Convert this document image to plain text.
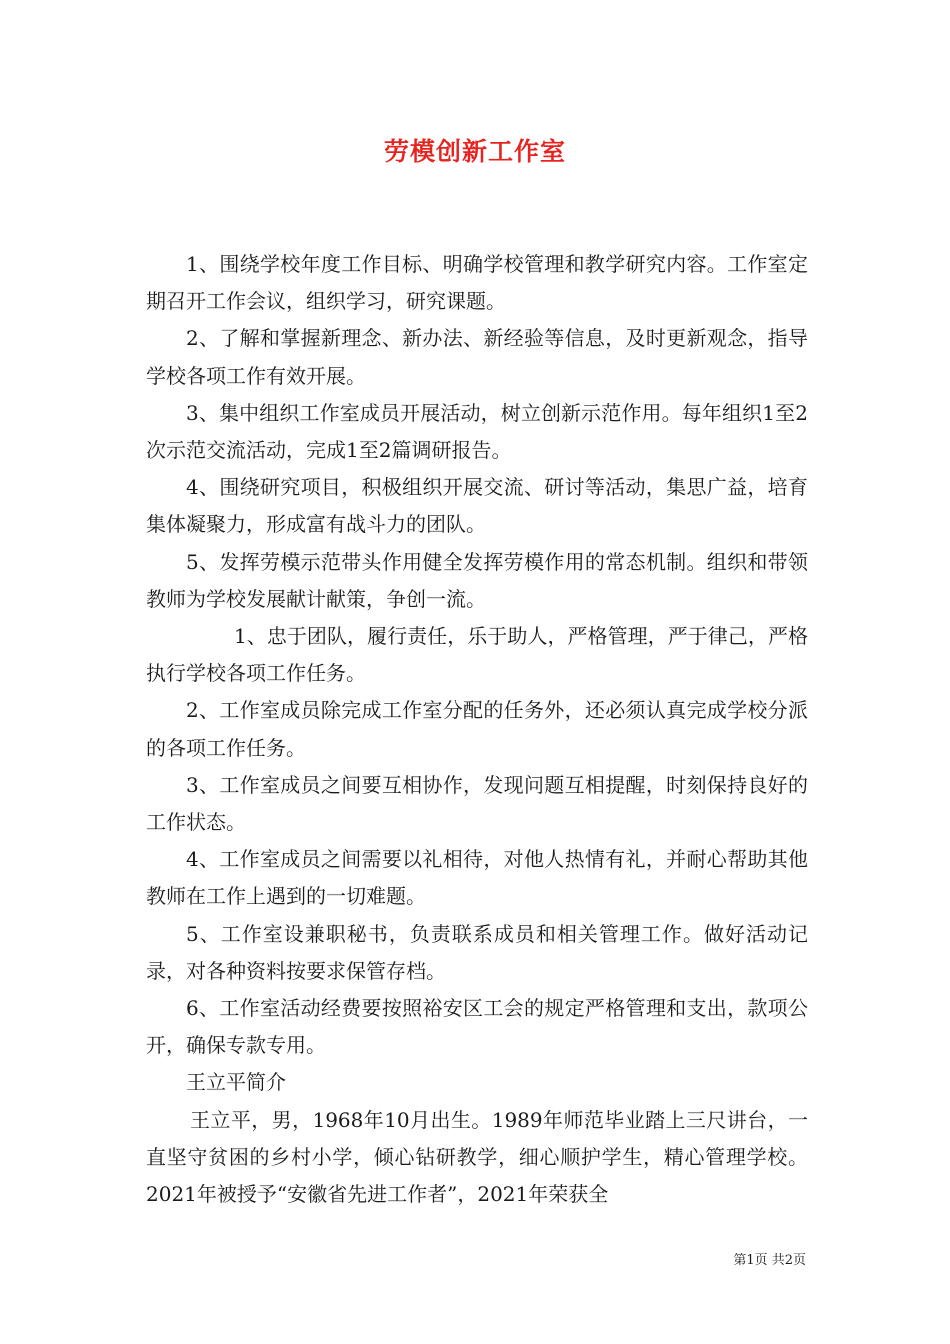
劳模创新工作室

1、围绕学校年度工作目标、明确学校管理和教学研究内容。工作室定期召开工作会议，组织学习，研究课题。

2、了解和掌握新理念、新办法、新经验等信息，及时更新观念，指导学校各项工作有效开展。

3、集中组织工作室成员开展活动，树立创新示范作用。每年组织1至2次示范交流活动，完成1至2篇调研报告。

4、围绕研究项目，积极组织开展交流、研讨等活动，集思广益，培育集体凝聚力，形成富有战斗力的团队。

5、发挥劳模示范带头作用健全发挥劳模作用的常态机制。组织和带领教师为学校发展献计献策，争创一流。

1、忠于团队，履行责任，乐于助人，严格管理，严于律己，严格执行学校各项工作任务。

2、工作室成员除完成工作室分配的任务外，还必须认真完成学校分派的各项工作任务。

3、工作室成员之间要互相协作，发现问题互相提醒，时刻保持良好的工作状态。

4、工作室成员之间需要以礼相待，对他人热情有礼，并耐心帮助其他教师在工作上遇到的一切难题。

5、工作室设兼职秘书，负责联系成员和相关管理工作。做好活动记录，对各种资料按要求保管存档。

6、工作室活动经费要按照裕安区工会的规定严格管理和支出，款项公开，确保专款专用。

王立平简介

王立平，男，1968年10月出生。1989年师范毕业踏上三尺讲台，一直坚守贫困的乡村小学，倾心钻研教学，细心顺护学生，精心管理学校。2021年被授予“安徽省先进工作者”，2021年荣获全

第1页 共2页
